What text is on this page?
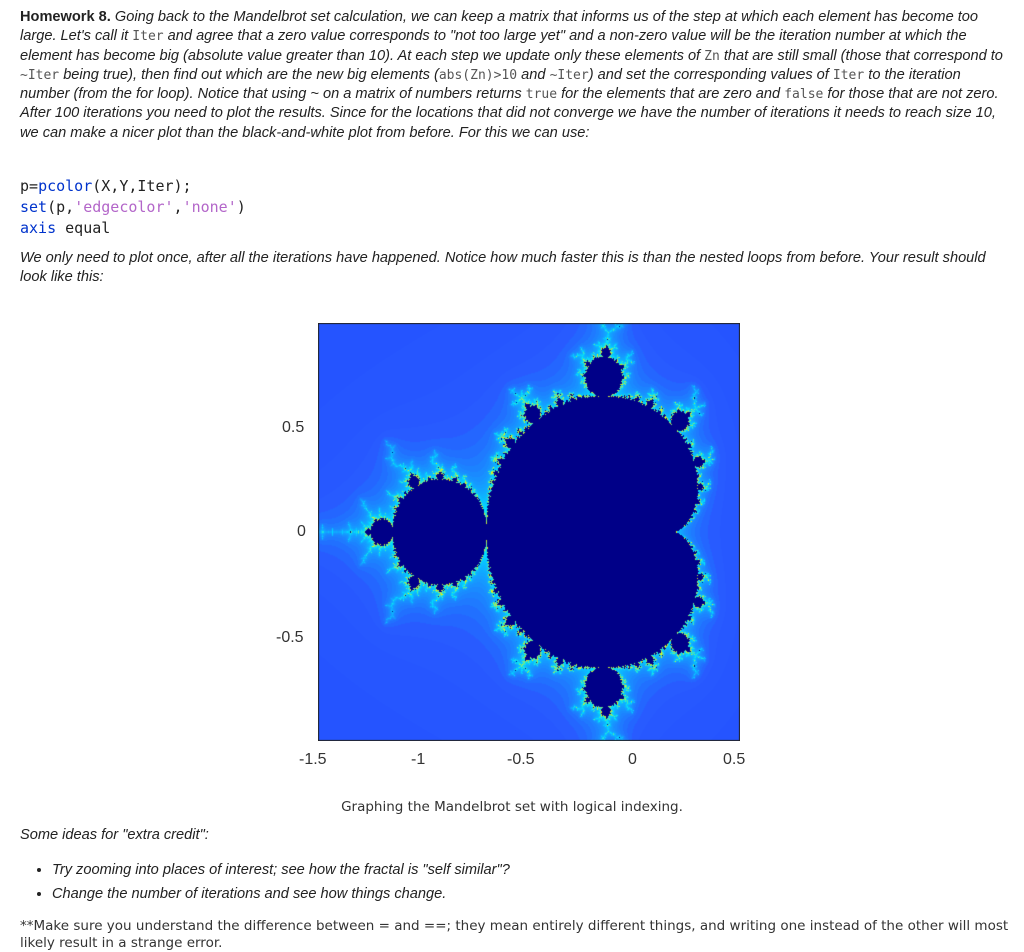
Homework 8. Going back to the Mandelbrot set calculation, we can keep a matrix that informs us of the step at which each element has become too large. Let's call it Iter and agree that a zero value corresponds to "not too large yet" and a non-zero value will be the iteration number at which the element has become big (absolute value greater than 10). At each step we update only these elements of Zn that are still small (those that correspond to ~Iter being true), then find out which are the new big elements (abs(Zn)>10 and ~Iter) and set the corresponding values of Iter to the iteration number (from the for loop). Notice that using ~ on a matrix of numbers returns true for the elements that are zero and false for those that are not zero. After 100 iterations you need to plot the results. Since for the locations that did not converge we have the number of iterations it needs to reach size 10, we can make a nicer plot than the black-and-white plot from before. For this we can use:
p=pcolor(X,Y,Iter);
set(p,'edgecolor','none')
axis equal
We only need to plot once, after all the iterations have happened. Notice how much faster this is than the nested loops from before. Your result should look like this:
0.5
0
-0.5
-1.5	-1	-0.5	0	0.5
Graphing the Mandelbrot set with logical indexing.
Some ideas for "extra credit":
• Try zooming into places of interest; see how the fractal is "self similar"?
• Change the number of iterations and see how things change.
**Make sure you understand the difference between = and ==; they mean entirely different things, and writing one instead of the other will most likely result in a strange error.
